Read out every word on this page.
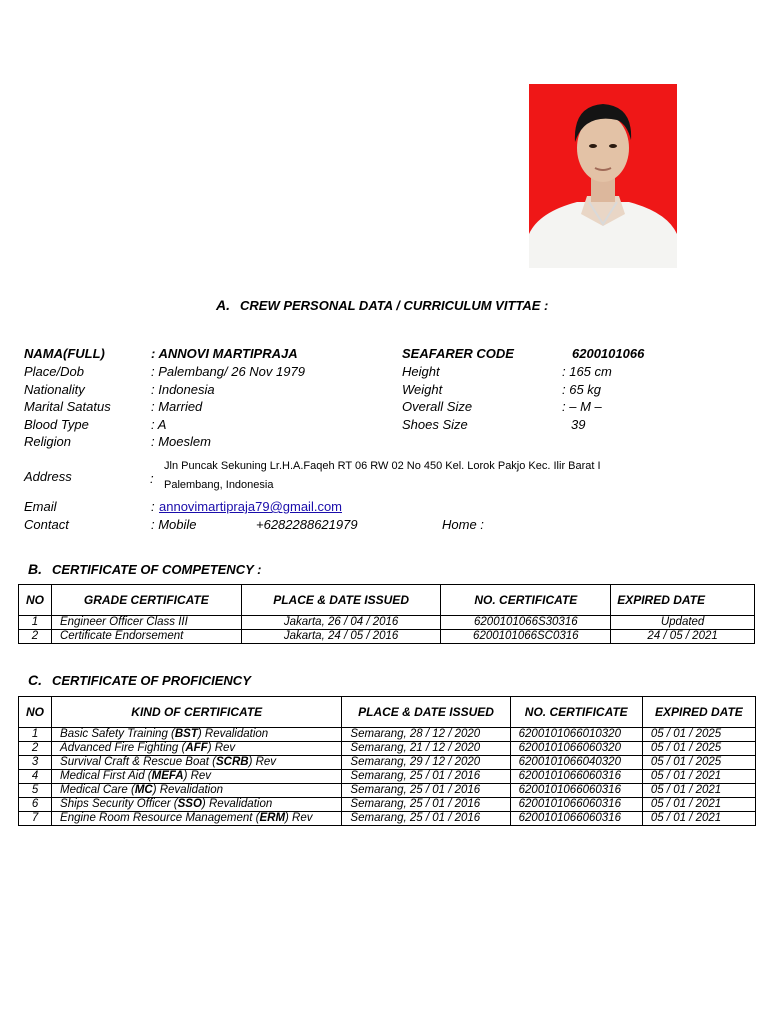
A. CREW PERSONAL DATA / CURRICULUM VITTAE :
NAMA(FULL)	: ANNOVI MARTIPRAJA	SEAFARER CODE	6200101066
Place/Dob	: Palembang/ 26 Nov 1979	Height	: 165 cm
Nationality	: Indonesia	Weight	: 65 kg
Marital Satatus	: Married	Overall Size	: – M –
Blood Type	: A	Shoes Size	39
Religion	: Moeslem
Address	:
Jln Puncak Sekuning Lr.H.A.Faqeh RT 06 RW 02 No 450 Kel. Lorok Pakjo Kec. Ilir Barat I
Palembang, Indonesia
Email	: annovimartipraja79@gmail.com
Contact	: Mobile	+6282288621979	Home :
B. CERTIFICATE OF COMPETENCY :
NO	GRADE CERTIFICATE	PLACE & DATE ISSUED	NO. CERTIFICATE	EXPIRED DATE
1	Engineer Officer Class III	Jakarta, 26 / 04 / 2016	6200101066S30316	Updated
2	Certificate Endorsement	Jakarta, 24 / 05 / 2016	6200101066SC0316	24 / 05 / 2021
C. CERTIFICATE OF PROFICIENCY
NO	KIND OF CERTIFICATE	PLACE & DATE ISSUED	NO. CERTIFICATE	EXPIRED DATE
1	Basic Safety Training (BST) Revalidation	Semarang, 28 / 12 / 2020	6200101066010320	05 / 01 / 2025
2	Advanced Fire Fighting (AFF) Rev	Semarang, 21 / 12 / 2020	6200101066060320	05 / 01 / 2025
3	Survival Craft & Rescue Boat (SCRB) Rev	Semarang, 29 / 12 / 2020	6200101066040320	05 / 01 / 2025
4	Medical First Aid (MEFA) Rev	Semarang, 25 / 01 / 2016	6200101066060316	05 / 01 / 2021
5	Medical Care (MC) Revalidation	Semarang, 25 / 01 / 2016	6200101066060316	05 / 01 / 2021
6	Ships Security Officer (SSO) Revalidation	Semarang, 25 / 01 / 2016	6200101066060316	05 / 01 / 2021
7	Engine Room Resource Management (ERM) Rev	Semarang, 25 / 01 / 2016	6200101066060316	05 / 01 / 2021
